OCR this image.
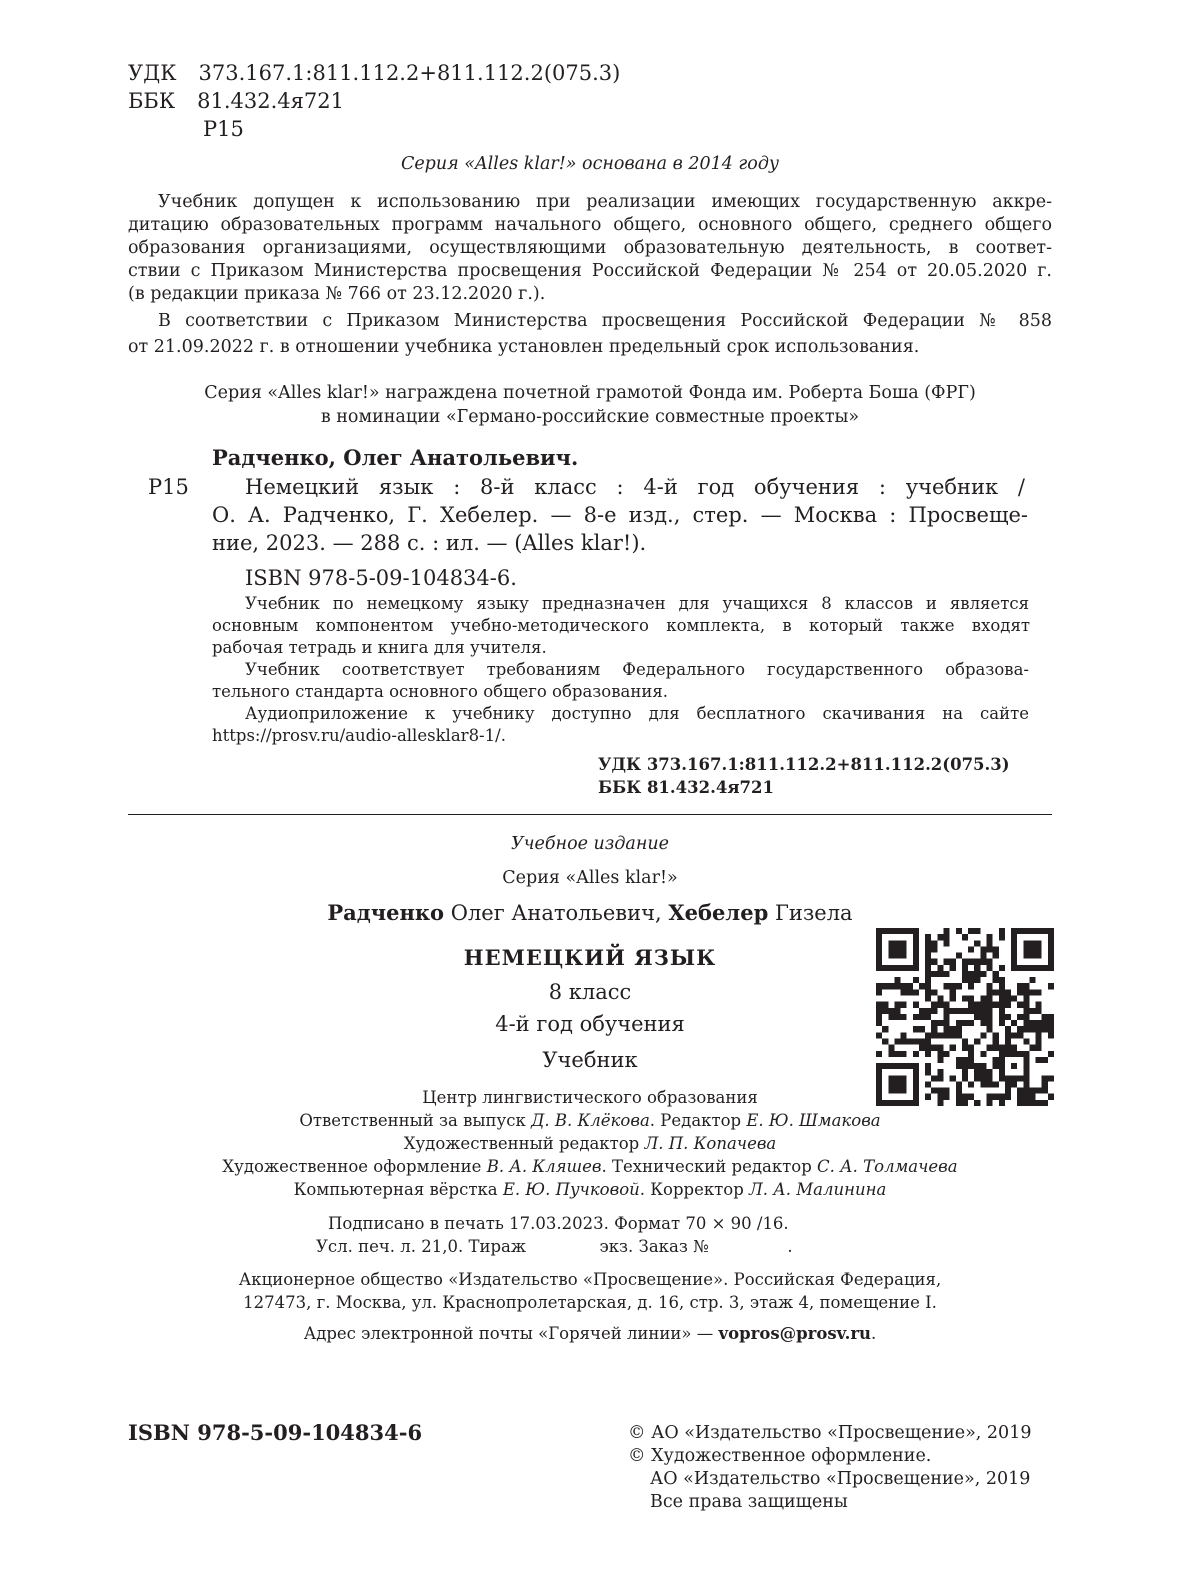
УДК 373.167.1:811.112.2+811.112.2(075.3)
ББК 81.432.4я721
Р15
Серия «Alles klar!» основана в 2014 году
Учебник допущен к использованию при реализации имеющих государственную аккре-
дитацию образовательных программ начального общего, основного общего, среднего общего
образования организациями, осуществляющими образовательную деятельность, в соответ-
ствии с Приказом Министерства просвещения Российской Федерации № 254 от 20.05.2020 г.
(в редакции приказа № 766 от 23.12.2020 г.).
В соответствии с Приказом Министерства просвещения Российской Федерации № 858
от 21.09.2022 г. в отношении учебника установлен предельный срок использования.
Серия «Alles klar!» награждена почетной грамотой Фонда им. Роберта Боша (ФРГ)
в номинации «Германо-российские совместные проекты»
Радченко, Олег Анатольевич.
Р15	Немецкий язык : 8-й класс : 4-й год обучения : учебник /
О. А. Радченко, Г. Хебелер. — 8-е изд., стер. — Москва : Просвеще-
ние, 2023. — 288 с. : ил. — (Alles klar!).
ISBN 978-5-09-104834-6.
Учебник по немецкому языку предназначен для учащихся 8 классов и является
основным компонентом учебно-методического комплекта, в который также входят
рабочая тетрадь и книга для учителя.
Учебник соответствует требованиям Федерального государственного образова-
тельного стандарта основного общего образования.
Аудиоприложение к учебнику доступно для бесплатного скачивания на сайте
https://prosv.ru/audio-allesklar8-1/.
УДК 373.167.1:811.112.2+811.112.2(075.3)
ББК 81.432.4я721
Учебное издание
Серия «Alles klar!»
Радченко Олег Анатольевич, Хебелер Гизела
НЕМЕЦКИЙ ЯЗЫК
8 класс
4-й год обучения
Учебник
Центр лингвистического образования
Ответственный за выпуск Д. В. Клёкова. Редактор Е. Ю. Шмакова
Художественный редактор Л. П. Копачева
Художественное оформление В. А. Кляшев. Технический редактор С. А. Толмачева
Компьютерная вёрстка Е. Ю. Пучковой. Корректор Л. А. Малинина
Подписано в печать 17.03.2023. Формат 70 × 90 /16.
Усл. печ. л. 21,0. Тираж              экз. Заказ №               .
Акционерное общество «Издательство «Просвещение». Российская Федерация,
127473, г. Москва, ул. Краснопролетарская, д. 16, стр. 3, этаж 4, помещение I.
Адрес электронной почты «Горячей линии» — vopros@prosv.ru.
ISBN 978-5-09-104834-6	© АО «Издательство «Просвещение», 2019
© Художественное оформление.
АО «Издательство «Просвещение», 2019
Все права защищены
